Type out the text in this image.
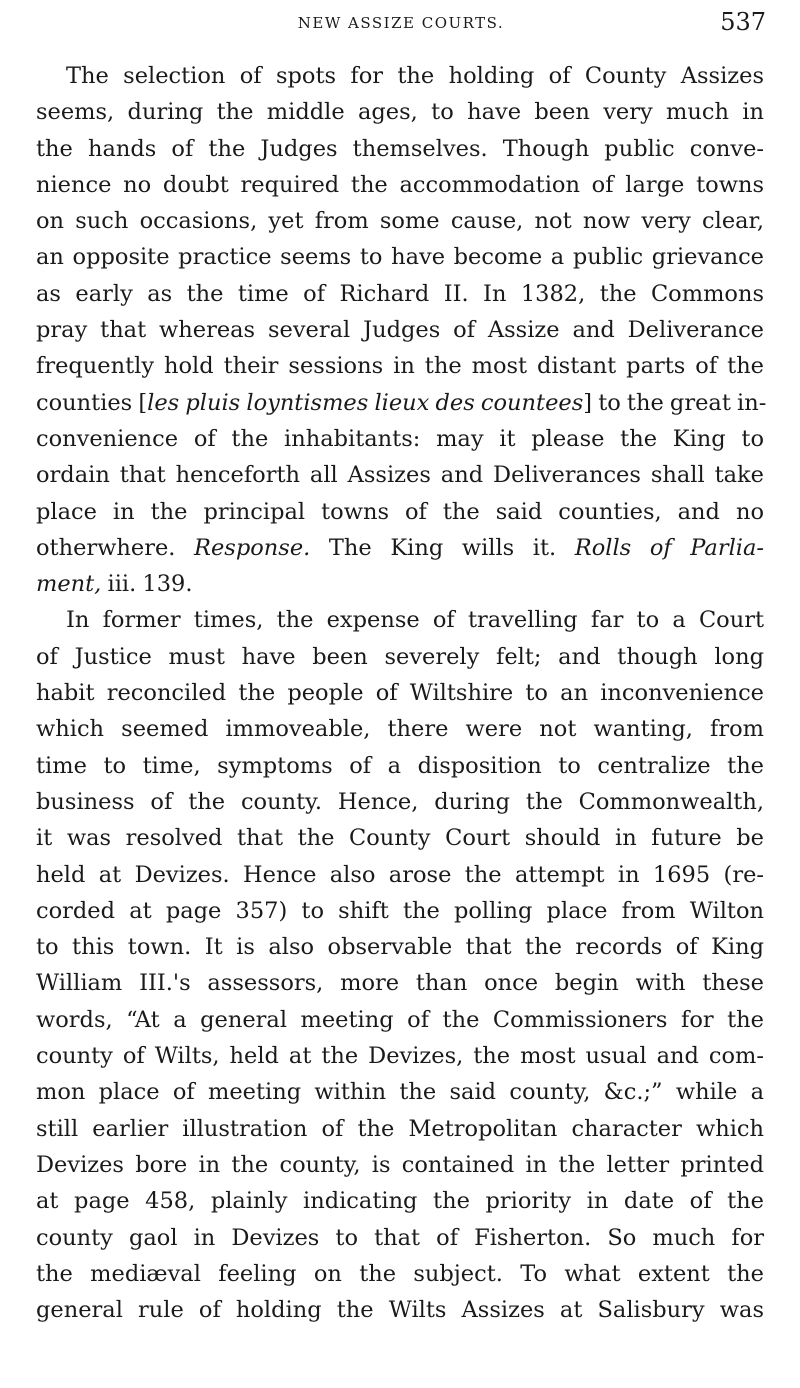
NEW ASSIZE COURTS.	537
The selection of spots for the holding of County Assizes
seems, during the middle ages, to have been very much in
the hands of the Judges themselves. Though public conve-
nience no doubt required the accommodation of large towns
on such occasions, yet from some cause, not now very clear,
an opposite practice seems to have become a public grievance
as early as the time of Richard II. In 1382, the Commons
pray that whereas several Judges of Assize and Deliverance
frequently hold their sessions in the most distant parts of the
counties [les pluis loyntismes lieux des countees] to the great in-
convenience of the inhabitants: may it please the King to
ordain that henceforth all Assizes and Deliverances shall take
place in the principal towns of the said counties, and no
otherwhere. Response. The King wills it. Rolls of Parlia-
ment, iii. 139.
In former times, the expense of travelling far to a Court
of Justice must have been severely felt; and though long
habit reconciled the people of Wiltshire to an inconvenience
which seemed immoveable, there were not wanting, from
time to time, symptoms of a disposition to centralize the
business of the county. Hence, during the Commonwealth,
it was resolved that the County Court should in future be
held at Devizes. Hence also arose the attempt in 1695 (re-
corded at page 357) to shift the polling place from Wilton
to this town. It is also observable that the records of King
William III.'s assessors, more than once begin with these
words, “At a general meeting of the Commissioners for the
county of Wilts, held at the Devizes, the most usual and com-
mon place of meeting within the said county, &c.;” while a
still earlier illustration of the Metropolitan character which
Devizes bore in the county, is contained in the letter printed
at page 458, plainly indicating the priority in date of the
county gaol in Devizes to that of Fisherton. So much for
the mediæval feeling on the subject. To what extent the
general rule of holding the Wilts Assizes at Salisbury was
